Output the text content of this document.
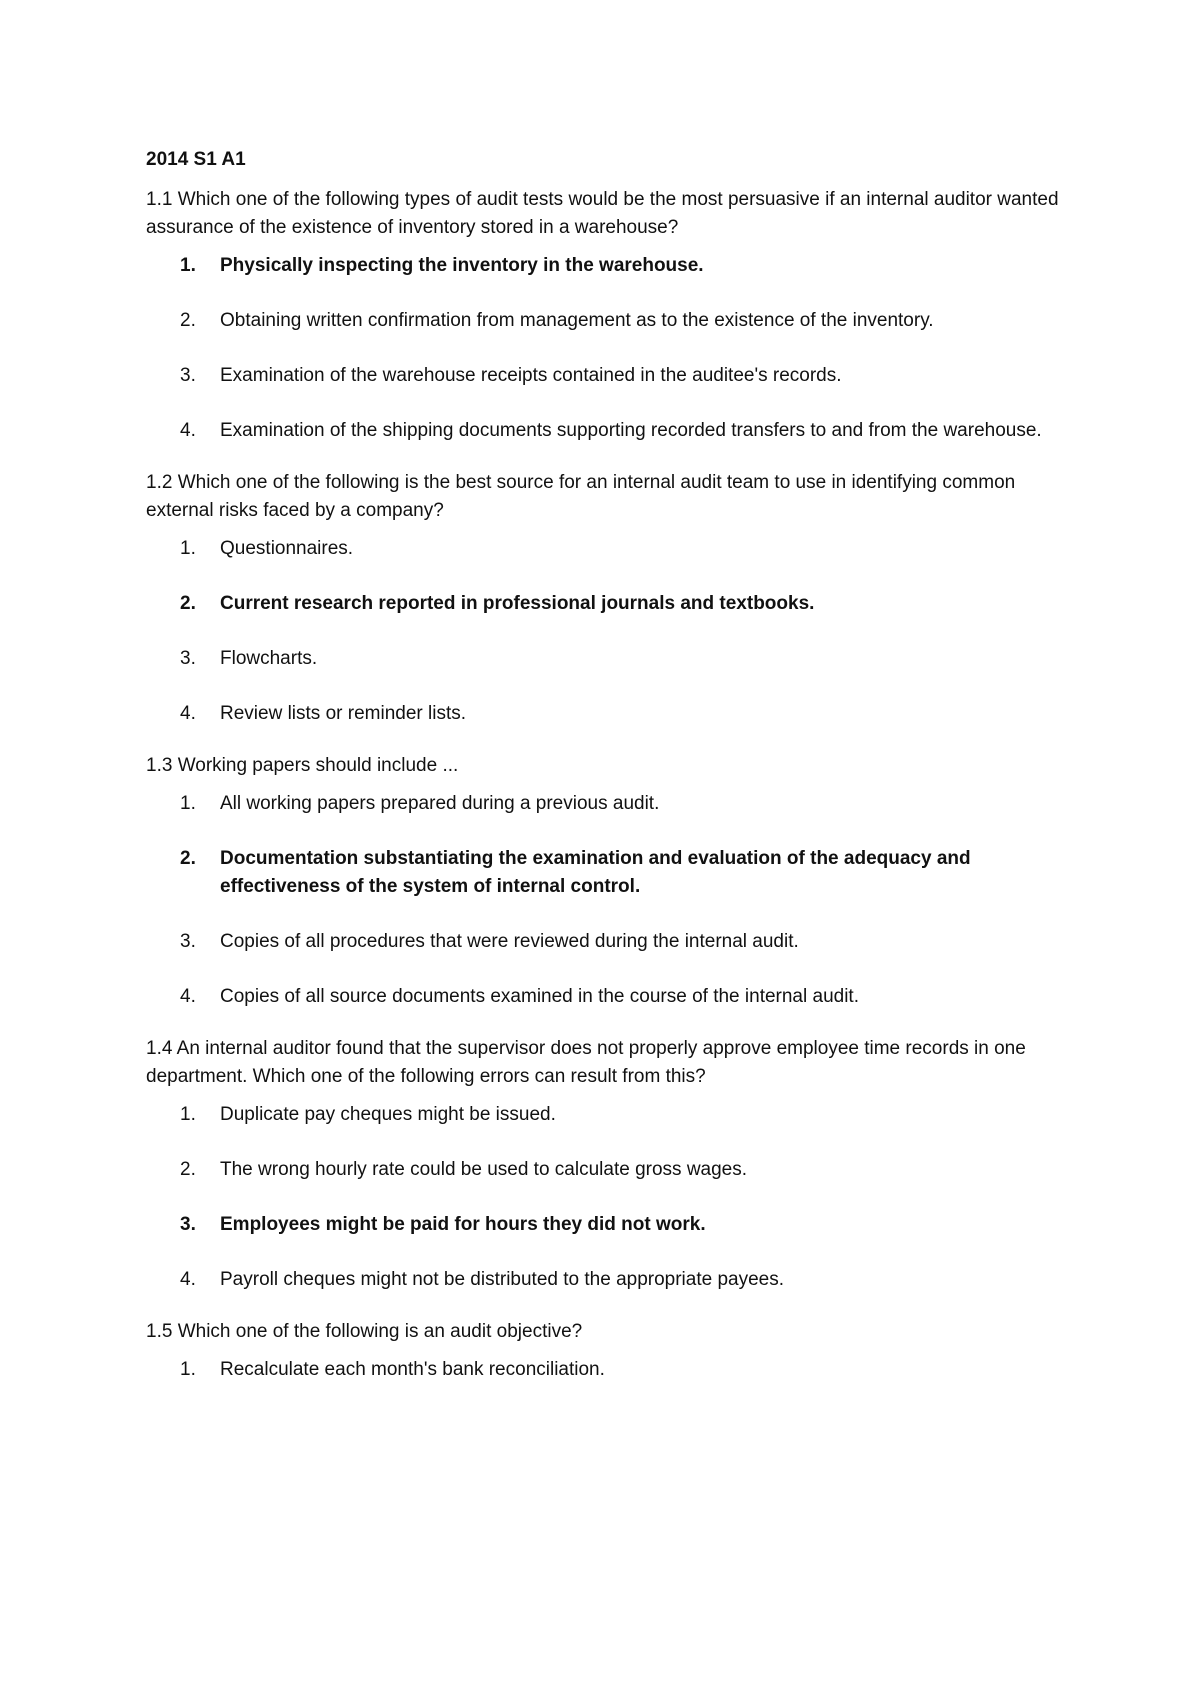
2014 S1 A1

1.1 Which one of the following types of audit tests would be the most persuasive if an internal auditor wanted assurance of the existence of inventory stored in a warehouse?

1. Physically inspecting the inventory in the warehouse.
2. Obtaining written confirmation from management as to the existence of the inventory.
3. Examination of the warehouse receipts contained in the auditee's records.
4. Examination of the shipping documents supporting recorded transfers to and from the warehouse.

1.2 Which one of the following is the best source for an internal audit team to use in identifying common external risks faced by a company?

1. Questionnaires.
2. Current research reported in professional journals and textbooks.
3. Flowcharts.
4. Review lists or reminder lists.

1.3 Working papers should include ...

1. All working papers prepared during a previous audit.
2. Documentation substantiating the examination and evaluation of the adequacy and effectiveness of the system of internal control.
3. Copies of all procedures that were reviewed during the internal audit.
4. Copies of all source documents examined in the course of the internal audit.

1.4 An internal auditor found that the supervisor does not properly approve employee time records in one department. Which one of the following errors can result from this?

1. Duplicate pay cheques might be issued.
2. The wrong hourly rate could be used to calculate gross wages.
3. Employees might be paid for hours they did not work.
4. Payroll cheques might not be distributed to the appropriate payees.

1.5 Which one of the following is an audit objective?

1. Recalculate each month's bank reconciliation.
